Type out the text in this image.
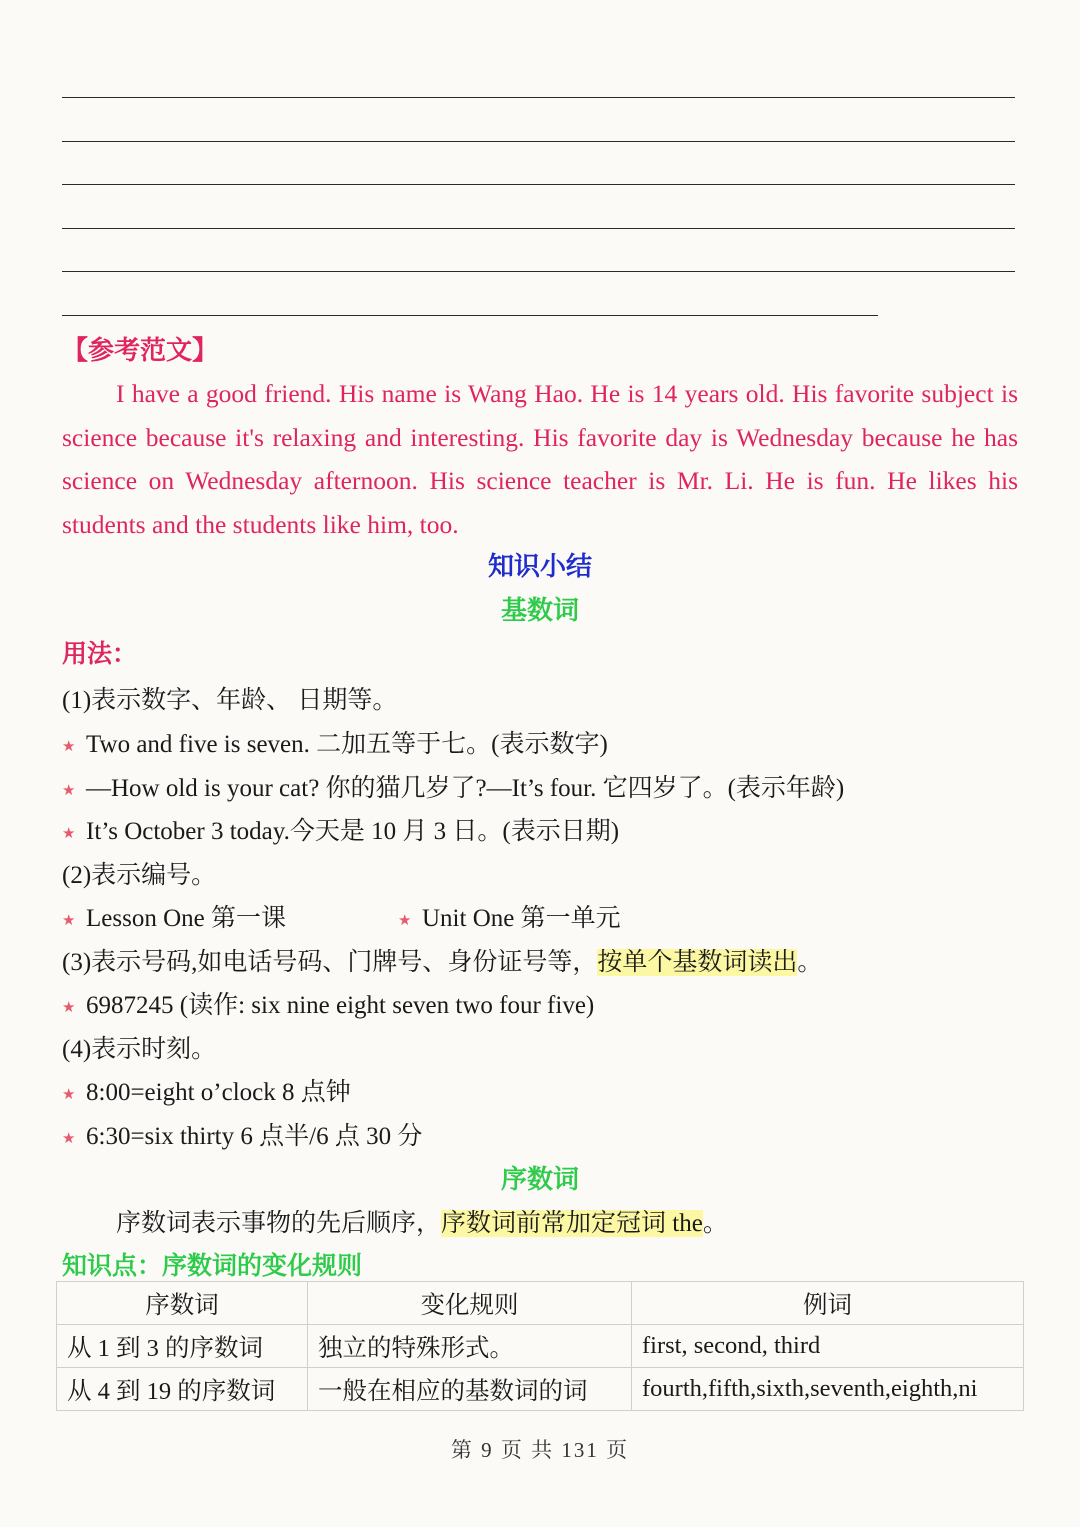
【参考范文】
I have a good friend. His name is Wang Hao. He is 14 years old. His favorite subject is science because it's relaxing and interesting. His favorite day is Wednesday because he has science on Wednesday afternoon. His science teacher is Mr. Li. He is fun. He likes his students and the students like him, too.
知识小结
基数词
用法：
(1)表示数字、年龄、 日期等。
★ Two and five is seven. 二加五等于七。(表示数字)
★ —How old is your cat? 你的猫几岁了?—It’s four. 它四岁了。(表示年龄)
★ It’s October 3 today.今天是 10 月 3 日。(表示日期)
(2)表示编号。
★ Lesson One 第一课	★ Unit One 第一单元
(3)表示号码,如电话号码、门牌号、身份证号等，按单个基数词读出。
★ 6987245 (读作: six nine eight seven two four five)
(4)表示时刻。
★ 8:00=eight o’clock 8 点钟
★ 6:30=six thirty 6 点半/6 点 30 分
序数词
序数词表示事物的先后顺序，序数词前常加定冠词 the。
知识点：序数词的变化规则
序数词	变化规则	例词
从 1 到 3 的序数词	独立的特殊形式。	first, second, third
从 4 到 19 的序数词	一般在相应的基数词的词	fourth,fifth,sixth,seventh,eighth,ni
第 9 页 共 131 页
